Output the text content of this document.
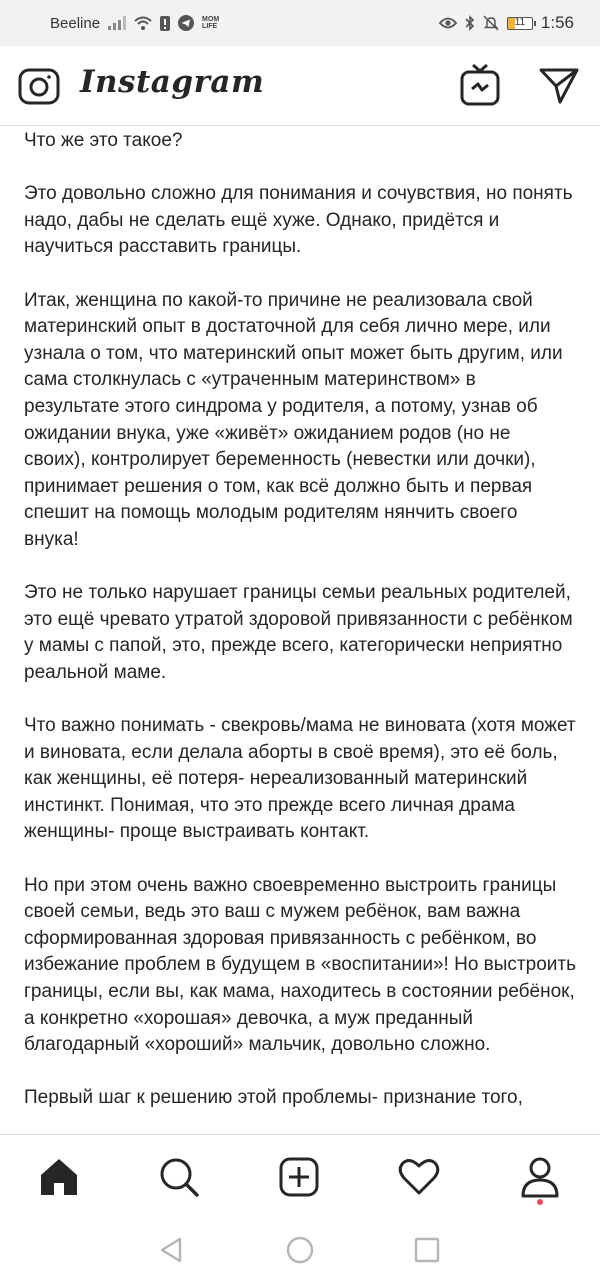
Beeline	MOM LIFE	11 1:56
Instagram

Что же это такое?

Это довольно сложно для понимания и сочувствия, но понять надо, дабы не сделать ещё хуже. Однако, придётся и научиться расставить границы.

Итак, женщина по какой-то причине не реализовала свой материнский опыт в достаточной для себя лично мере, или узнала о том, что материнский опыт может быть другим, или сама столкнулась с «утраченным материнством» в результате этого синдрома у родителя, а потому, узнав об ожидании внука, уже «живёт» ожиданием родов (но не своих), контролирует беременность (невестки или дочки), принимает решения о том, как всё должно быть и первая спешит на помощь молодым родителям нянчить своего внука!

Это не только нарушает границы семьи реальных родителей, это ещё чревато утратой здоровой привязанности с ребёнком у мамы с папой, это, прежде всего, категорически неприятно реальной маме.

Что важно понимать - свекровь/мама не виновата (хотя может и виновата, если делала аборты в своё время), это её боль, как женщины, её потеря- нереализованный материнский инстинкт. Понимая, что это прежде всего личная драма женщины- проще выстраивать контакт.

Но при этом очень важно своевременно выстроить границы своей семьи, ведь это ваш с мужем ребёнок, вам важна сформированная здоровая привязанность с ребёнком, во избежание проблем в будущем в «воспитании»! Но выстроить границы, если вы, как мама, находитесь в состоянии ребёнок, а конкретно «хорошая» девочка, а муж преданный благодарный «хороший» мальчик, довольно сложно.

Первый шаг к решению этой проблемы- признание того,
